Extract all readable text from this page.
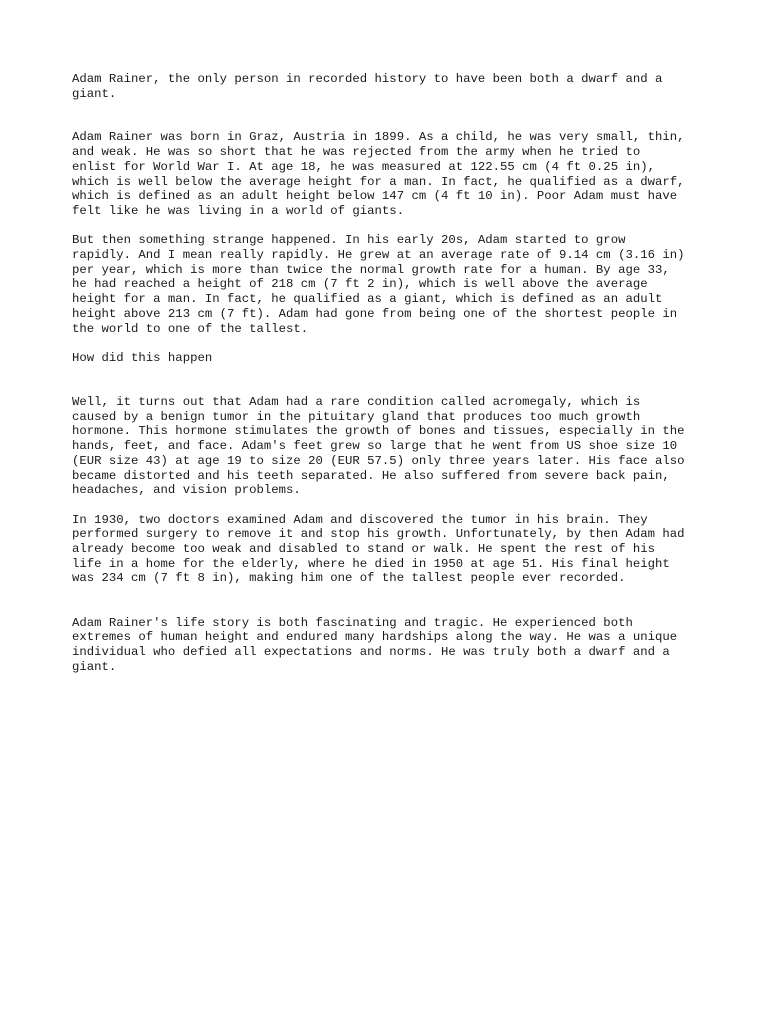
Adam Rainer, the only person in recorded history to have been both a dwarf and a
giant.

Adam Rainer was born in Graz, Austria in 1899. As a child, he was very small, thin,
and weak. He was so short that he was rejected from the army when he tried to
enlist for World War I. At age 18, he was measured at 122.55 cm (4 ft 0.25 in),
which is well below the average height for a man. In fact, he qualified as a dwarf,
which is defined as an adult height below 147 cm (4 ft 10 in). Poor Adam must have
felt like he was living in a world of giants.

But then something strange happened. In his early 20s, Adam started to grow
rapidly. And I mean really rapidly. He grew at an average rate of 9.14 cm (3.16 in)
per year, which is more than twice the normal growth rate for a human. By age 33,
he had reached a height of 218 cm (7 ft 2 in), which is well above the average
height for a man. In fact, he qualified as a giant, which is defined as an adult
height above 213 cm (7 ft). Adam had gone from being one of the shortest people in
the world to one of the tallest.

How did this happen

Well, it turns out that Adam had a rare condition called acromegaly, which is
caused by a benign tumor in the pituitary gland that produces too much growth
hormone. This hormone stimulates the growth of bones and tissues, especially in the
hands, feet, and face. Adam's feet grew so large that he went from US shoe size 10
(EUR size 43) at age 19 to size 20 (EUR 57.5) only three years later. His face also
became distorted and his teeth separated. He also suffered from severe back pain,
headaches, and vision problems.

In 1930, two doctors examined Adam and discovered the tumor in his brain. They
performed surgery to remove it and stop his growth. Unfortunately, by then Adam had
already become too weak and disabled to stand or walk. He spent the rest of his
life in a home for the elderly, where he died in 1950 at age 51. His final height
was 234 cm (7 ft 8 in), making him one of the tallest people ever recorded.

Adam Rainer's life story is both fascinating and tragic. He experienced both
extremes of human height and endured many hardships along the way. He was a unique
individual who defied all expectations and norms. He was truly both a dwarf and a
giant.
